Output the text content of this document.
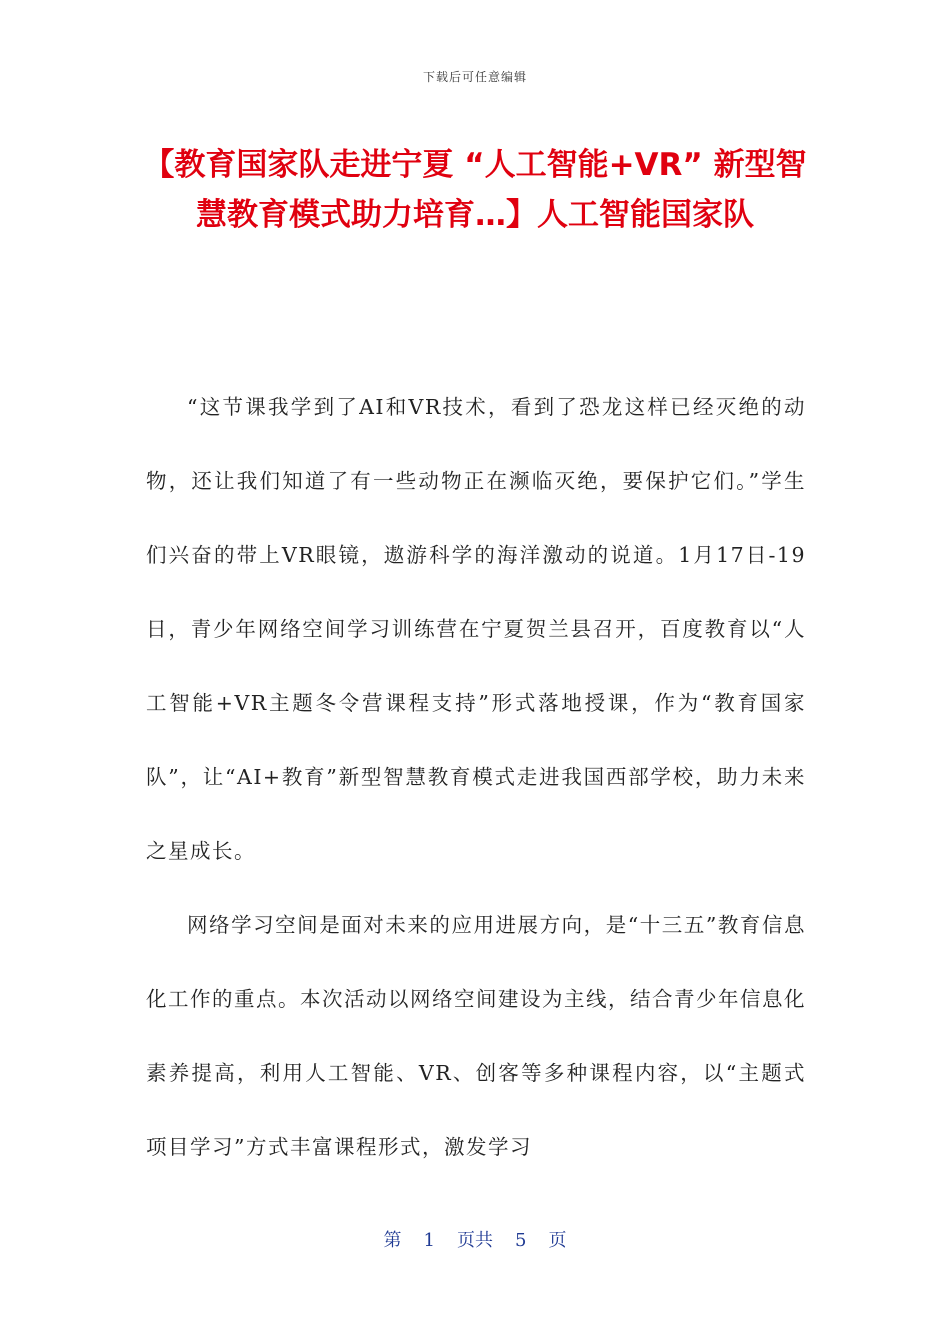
下载后可任意编辑
【教育国家队走进宁夏 “人工智能+VR” 新型智慧教育模式助力培育…】人工智能国家队

“这节课我学到了AI和VR技术，看到了恐龙这样已经灭绝的动物，还让我们知道了有一些动物正在濒临灭绝，要保护它们。”学生们兴奋的带上VR眼镜，遨游科学的海洋激动的说道。1月17日-19日，青少年网络空间学习训练营在宁夏贺兰县召开，百度教育以“人工智能+VR主题冬令营课程支持”形式落地授课，作为“教育国家队”，让“AI+教育”新型智慧教育模式走进我国西部学校，助力未来之星成长。

网络学习空间是面对未来的应用进展方向，是“十三五”教育信息化工作的重点。本次活动以网络空间建设为主线，结合青少年信息化素养提高，利用人工智能、VR、创客等多种课程内容，以“主题式项目学习”方式丰富课程形式，激发学习

第 1 页共 5 页
